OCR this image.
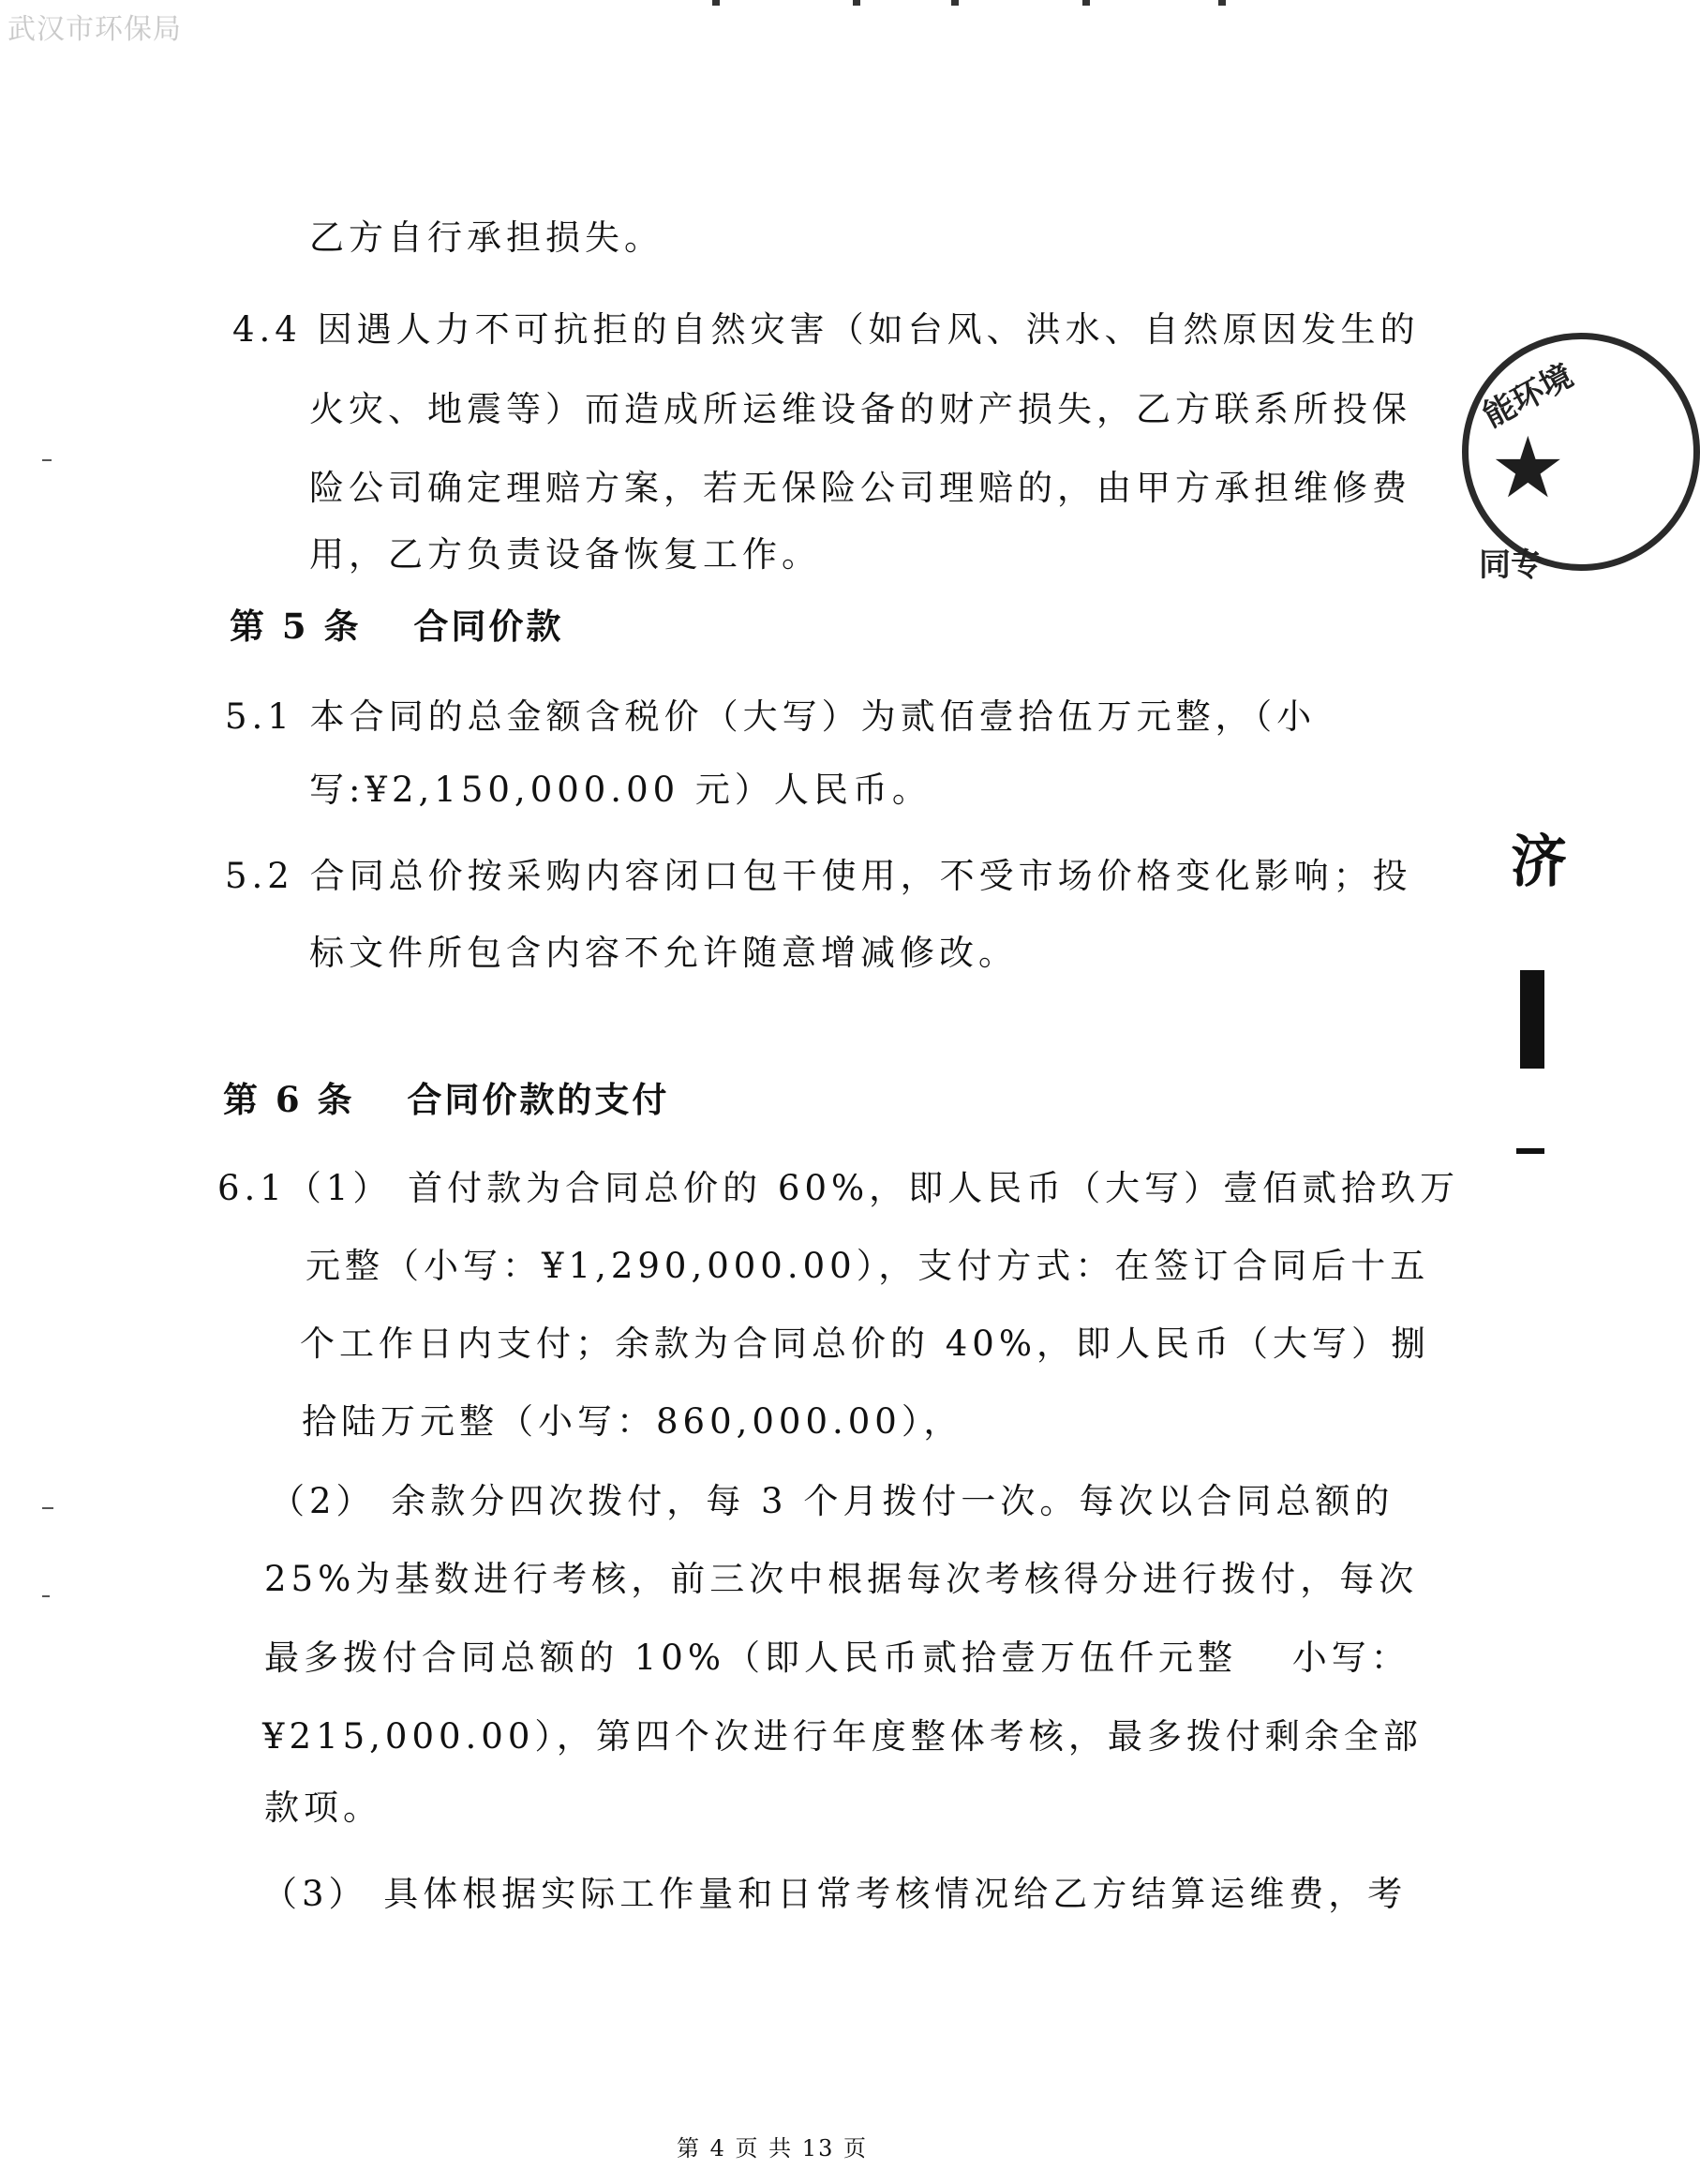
武汉市环保局
乙方自行承担损失。
4.4 因遇人力不可抗拒的自然灾害（如台风、洪水、自然原因发生的
火灾、地震等）而造成所运维设备的财产损失，乙方联系所投保
险公司确定理赔方案，若无保险公司理赔的，由甲方承担维修费
用，乙方负责设备恢复工作。
第 5 条　 合同价款
5.1 本合同的总金额含税价（大写）为贰佰壹拾伍万元整，（小
写:¥2,150,000.00 元）人民币。
5.2 合同总价按采购内容闭口包干使用，不受市场价格变化影响；投
标文件所包含内容不允许随意增减修改。
第 6 条　 合同价款的支付
6.1（1） 首付款为合同总价的 60%，即人民币（大写）壹佰贰拾玖万
元整（小写：¥1,290,000.00），支付方式：在签订合同后十五
个工作日内支付；余款为合同总价的 40%，即人民币（大写）捌
拾陆万元整（小写：860,000.00），
（2） 余款分四次拨付，每 3 个月拨付一次。每次以合同总额的
25%为基数进行考核，前三次中根据每次考核得分进行拨付，每次
最多拨付合同总额的 10%（即人民币贰拾壹万伍仟元整　 小写：
¥215,000.00），第四个次进行年度整体考核，最多拨付剩余全部
款项。
（3） 具体根据实际工作量和日常考核情况给乙方结算运维费，考
能环境
★
同专
济
第 4 页 共 13 页
